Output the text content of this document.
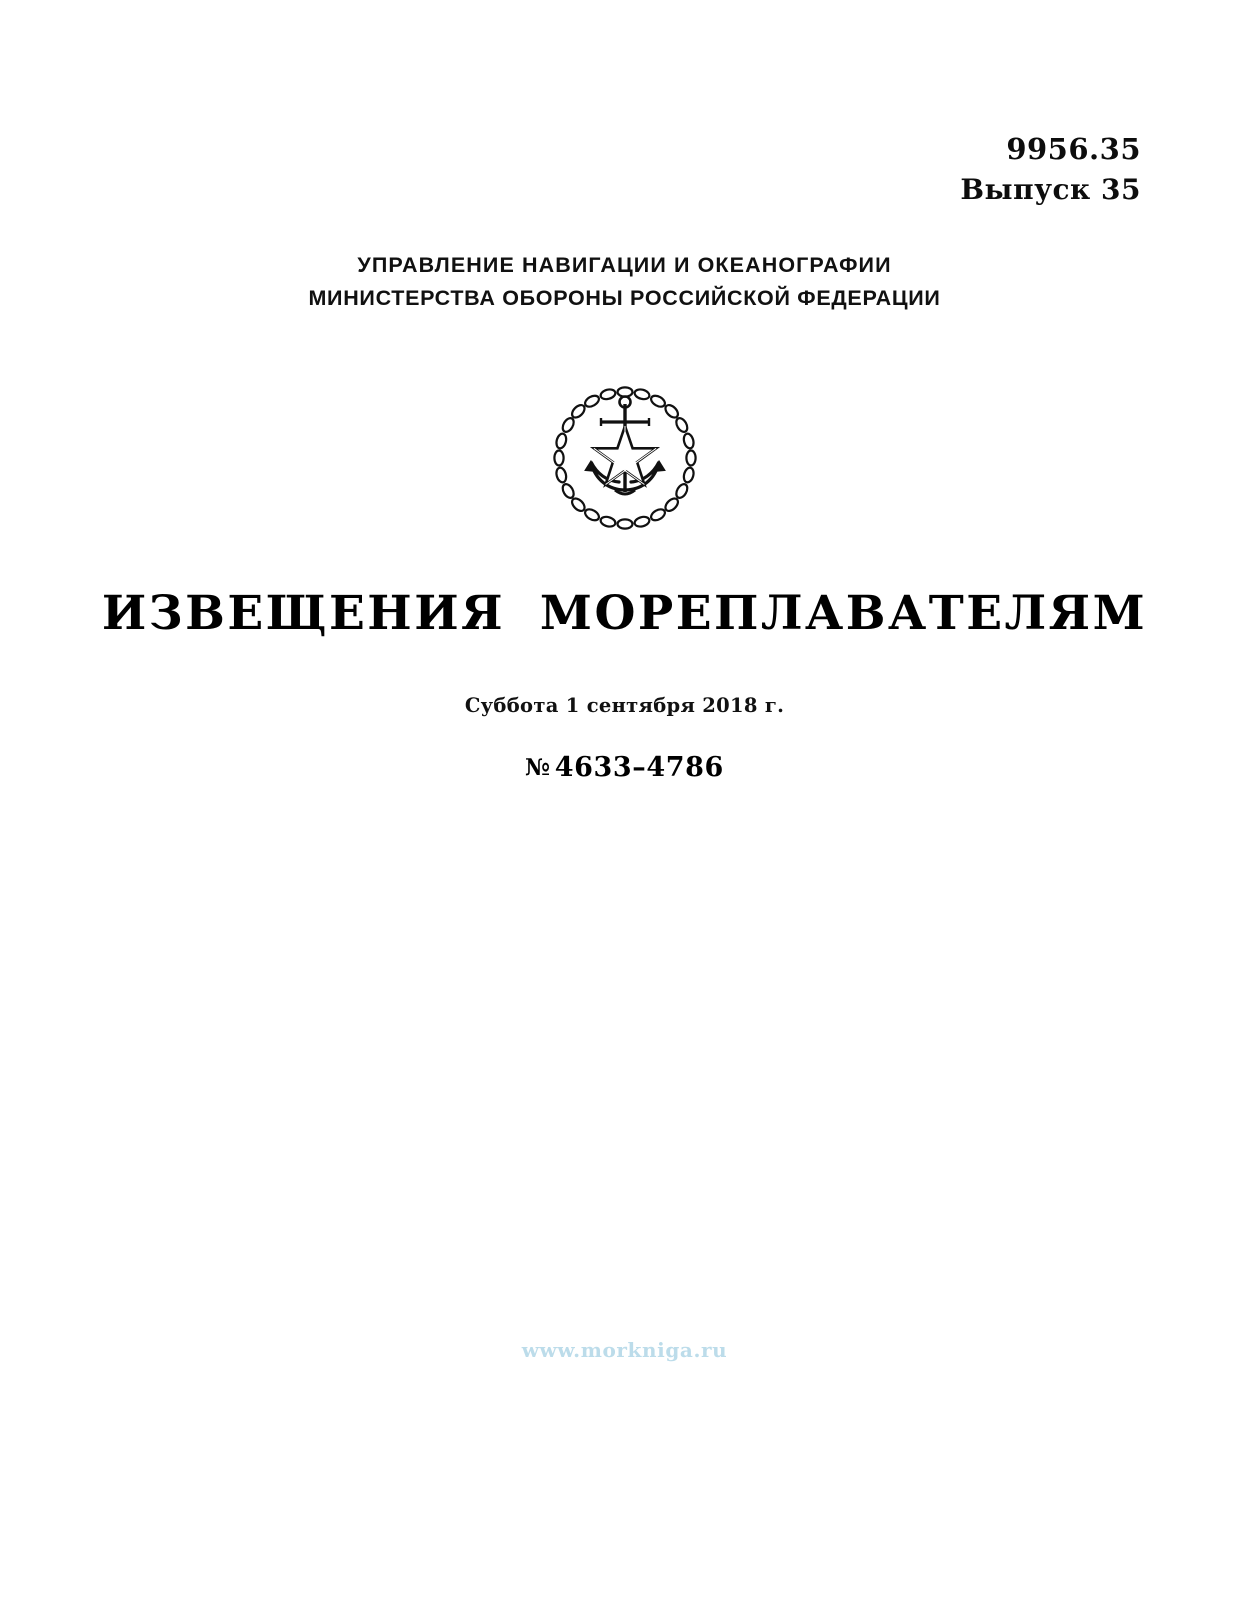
9956.35
Выпуск 35
УПРАВЛЕНИЕ НАВИГАЦИИ И ОКЕАНОГРАФИИ
МИНИСТЕРСТВА ОБОРОНЫ РОССИЙСКОЙ ФЕДЕРАЦИИ
ИЗВЕЩЕНИЯ МОРЕПЛАВАТЕЛЯМ
Суббота 1 сентября 2018 г.
№ 4633–4786
www.morkniga.ru
